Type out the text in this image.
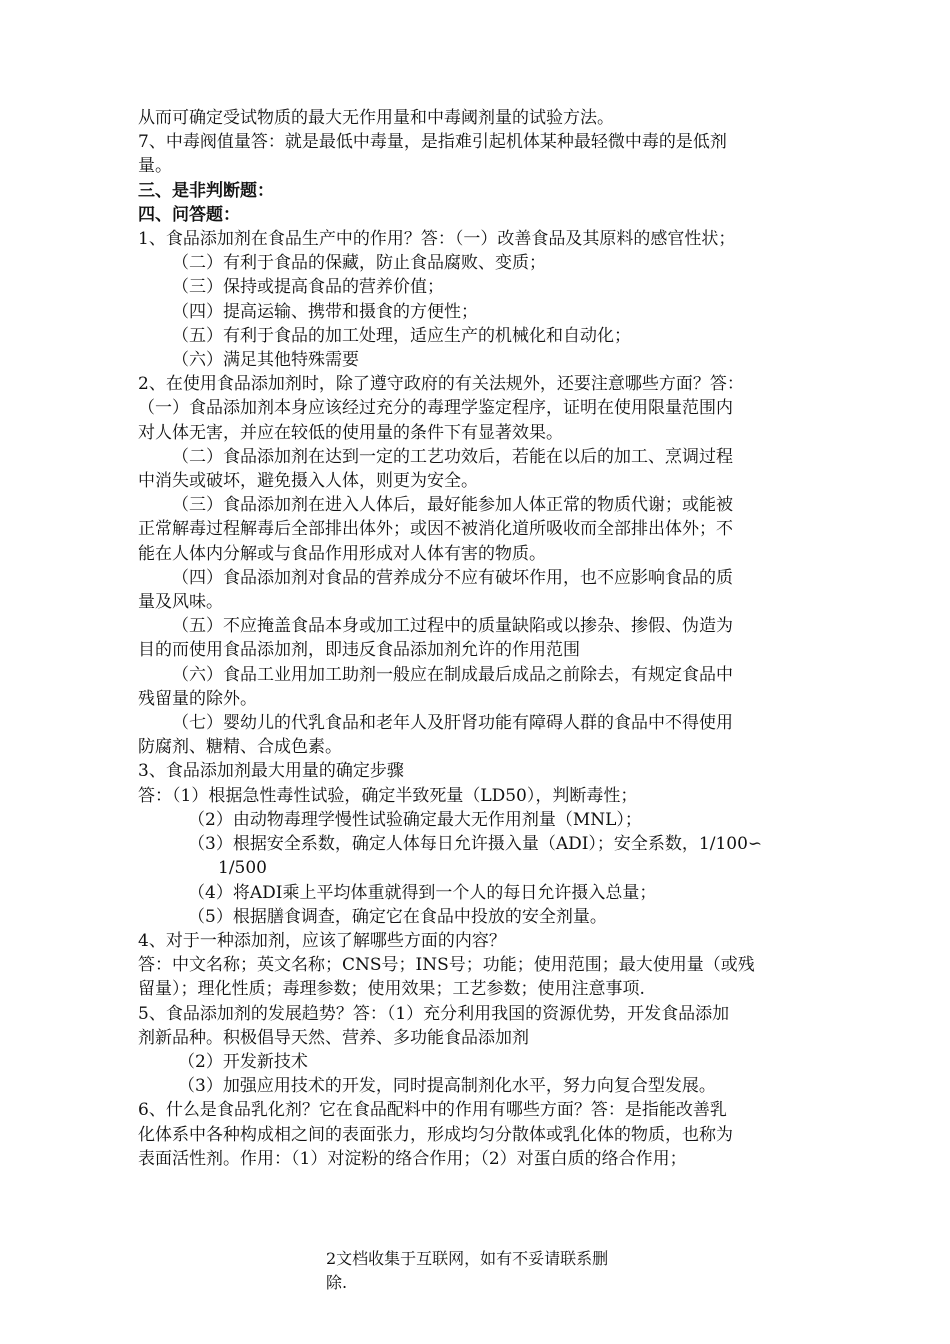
从而可确定受试物质的最大无作用量和中毒阈剂量的试验方法。
7、中毒阀值量答：就是最低中毒量，是指难引起机体某种最轻微中毒的是低剂
量。
三、是非判断题：
四、问答题：
1、食品添加剂在食品生产中的作用？答：（一）改善食品及其原料的感官性状；
（二）有利于食品的保藏，防止食品腐败、变质；
（三）保持或提高食品的营养价值；
（四）提高运输、携带和摄食的方便性；
（五）有利于食品的加工处理，适应生产的机械化和自动化；
（六）满足其他特殊需要
2、在使用食品添加剂时，除了遵守政府的有关法规外，还要注意哪些方面？答：
（一）食品添加剂本身应该经过充分的毒理学鉴定程序，证明在使用限量范围内
对人体无害，并应在较低的使用量的条件下有显著效果。
（二）食品添加剂在达到一定的工艺功效后，若能在以后的加工、烹调过程
中消失或破坏，避免摄入人体，则更为安全。
（三）食品添加剂在进入人体后，最好能参加人体正常的物质代谢；或能被
正常解毒过程解毒后全部排出体外；或因不被消化道所吸收而全部排出体外；不
能在人体内分解或与食品作用形成对人体有害的物质。
（四）食品添加剂对食品的营养成分不应有破坏作用，也不应影响食品的质
量及风味。
（五）不应掩盖食品本身或加工过程中的质量缺陷或以掺杂、掺假、伪造为
目的而使用食品添加剂，即违反食品添加剂允许的作用范围
（六）食品工业用加工助剂一般应在制成最后成品之前除去，有规定食品中
残留量的除外。
（七）婴幼儿的代乳食品和老年人及肝肾功能有障碍人群的食品中不得使用
防腐剂、糖精、合成色素。
3、食品添加剂最大用量的确定步骤
答：（1）根据急性毒性试验，确定半致死量（LD50），判断毒性；
（2）由动物毒理学慢性试验确定最大无作用剂量（MNL）；
（3）根据安全系数，确定人体每日允许摄入量（ADI）；安全系数，1/100∽
1/500
（4）将ADI乘上平均体重就得到一个人的每日允许摄入总量；
（5）根据膳食调查，确定它在食品中投放的安全剂量。
4、对于一种添加剂，应该了解哪些方面的内容？
答：中文名称；英文名称；CNS号；INS号；功能；使用范围；最大使用量（或残
留量）；理化性质；毒理参数；使用效果；工艺参数；使用注意事项.
5、食品添加剂的发展趋势？答：（1）充分利用我国的资源优势，开发食品添加
剂新品种。积极倡导天然、营养、多功能食品添加剂
（2）开发新技术
（3）加强应用技术的开发，同时提高制剂化水平，努力向复合型发展。
6、什么是食品乳化剂？它在食品配料中的作用有哪些方面？答：是指能改善乳
化体系中各种构成相之间的表面张力，形成均匀分散体或乳化体的物质，也称为
表面活性剂。作用：（1）对淀粉的络合作用；（2）对蛋白质的络合作用；
2文档收集于互联网，如有不妥请联系删
除.
